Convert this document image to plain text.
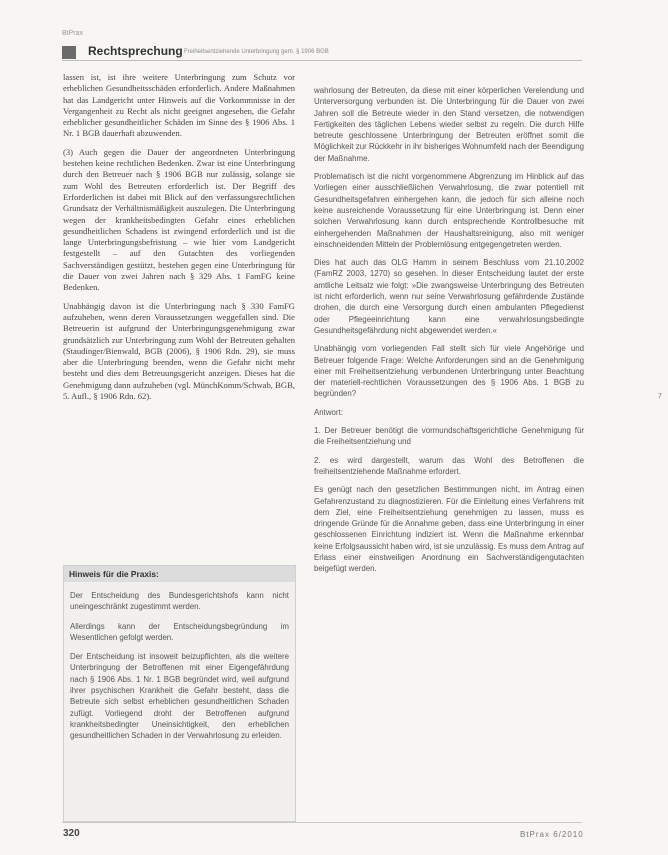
BtPrax
Rechtsprechung Freiheitsentziehende Unterbringung gem. § 1906 BGB

lassen ist, ist ihre weitere Unterbringung zum Schutz vor erheblichen Gesundheitsschäden erforderlich. Andere Maßnahmen hat das Landgericht unter Hinweis auf die Vorkommnisse in der Vergangenheit zu Recht als nicht geeignet angesehen, die Gefahr erheblicher gesundheitlicher Schäden im Sinne des § 1906 Abs. 1 Nr. 1 BGB dauerhaft abzuwenden.

(3) Auch gegen die Dauer der angeordneten Unterbringung bestehen keine rechtlichen Bedenken. Zwar ist eine Unterbringung durch den Betreuer nach § 1906 BGB nur zulässig, solange sie zum Wohl des Betreuten erforderlich ist. Der Begriff des Erforderlichen ist dabei mit Blick auf den verfassungsrechtlichen Grundsatz der Verhältnismäßigkeit auszulegen. Die Unterbringung wegen der krankheitsbedingten Gefahr eines erheblichen gesundheitlichen Schadens ist zwingend erforderlich und ist die lange Unterbringungsbefristung – wie hier vom Landgericht festgestellt – auf den Gutachten des vorliegenden Sachverständigen gestützt, bestehen gegen eine Unterbringung für die Dauer von zwei Jahren nach § 329 Abs. 1 FamFG keine Bedenken.

Unabhängig davon ist die Unterbringung nach § 330 FamFG aufzuheben, wenn deren Voraussetzungen weggefallen sind. Die Betreuerin ist aufgrund der Unterbringungsgenehmigung zwar grundsätzlich zur Unterbringung zum Wohl der Betreuten gehalten (Staudinger/Bienwald, BGB (2006), § 1906 Rdn. 29), sie muss aber die Unterbringung beenden, wenn die Gefahr nicht mehr besteht und dies dem Betreuungsgericht anzeigen. Dieses hat die Genehmigung dann aufzuheben (vgl. MünchKomm/Schwab, BGB, 5. Aufl., § 1906 Rdn. 62).

Hinweis für die Praxis:

Der Entscheidung des Bundesgerichtshofs kann nicht uneingeschränkt zugestimmt werden.

Allerdings kann der Entscheidungsbegründung im Wesentlichen gefolgt werden.

Der Entscheidung ist insoweit beizupflichten, als die weitere Unterbringung der Betroffenen mit einer Eigengefährdung nach § 1906 Abs. 1 Nr. 1 BGB begründet wird, weil aufgrund ihrer psychischen Krankheit die Gefahr besteht, dass die Betreute sich selbst erheblichen gesundheitlichen Schaden zufügt. Vorliegend droht der Betroffenen aufgrund krankheitsbedingter Uneinsichtigkeit, den erheblichen gesundheitlichen Schaden in der Verwahrlosung zu erleiden.

wahrlosung der Betreuten, da diese mit einer körperlichen Verelendung und Unterversorgung verbunden ist. Die Unterbringung für die Dauer von zwei Jahren soll die Betreute wieder in den Stand versetzen, die notwendigen Fertigkeiten des täglichen Lebens wieder selbst zu regeln. Die durch Hilfe betreute geschlossene Unterbringung der Betreuten eröffnet somit die Möglichkeit zur Rückkehr in ihr bisheriges Wohnumfeld nach der Beendigung der Maßnahme.

Problematisch ist die nicht vorgenommene Abgrenzung im Hinblick auf das Vorliegen einer ausschließlichen Verwahrlosung, die zwar potentiell mit Gesundheitsgefahren einhergehen kann, die jedoch für sich alleine noch keine ausreichende Voraussetzung für eine Unterbringung ist. Denn einer solchen Verwahrlosung kann durch entsprechende Kontrollbesuche mit einhergehenden Maßnahmen der Haushaltsreinigung, also mit weniger einschneidenden Mitteln der Problemlösung entgegengetreten werden.

Dies hat auch das OLG Hamm in seinem Beschluss vom 21.10.2002 (FamRZ 2003, 1270) so gesehen. In dieser Entscheidung lautet der erste amtliche Leitsatz wie folgt: »Die zwangsweise Unterbringung des Betreuten ist nicht erforderlich, wenn nur seine Verwahrlosung gefährdende Zustände drohen, die durch eine Versorgung durch einen ambulanten Pflegedienst oder Pflegeeinrichtung kann eine verwahrlosungsbedingte Gesundheitsgefährdung nicht abgewendet werden.«

Unabhängig vom vorliegenden Fall stellt sich für viele Angehörige und Betreuer folgende Frage: Welche Anforderungen sind an die Genehmigung einer mit Freiheitsentziehung verbundenen Unterbringung unter Beachtung der materiell-rechtlichen Voraussetzungen des § 1906 Abs. 1 BGB zu begründen?

Antwort:

1. Der Betreuer benötigt die vormundschaftsgerichtliche Genehmigung für die Freiheitsentziehung und

2. es wird dargestellt, warum das Wohl des Betroffenen die freiheitsentziehende Maßnahme erfordert.

Es genügt nach den gesetzlichen Bestimmungen nicht, im Antrag einen Gefahrenzustand zu diagnostizieren. Für die Einleitung eines Verfahrens mit dem Ziel, eine Freiheitsentziehung genehmigen zu lassen, muss es dringende Gründe für die Annahme geben, dass eine Unterbringung in einer geschlossenen Einrichtung indiziert ist. Wenn die Maßnahme erkennbar keine Erfolgsaussicht haben wird, ist sie unzulässig. Es muss dem Antrag auf Erlass einer einstweiligen Anordnung ein Sachverständigengutachten beigefügt werden.

7
320	BtPrax 6/2010
